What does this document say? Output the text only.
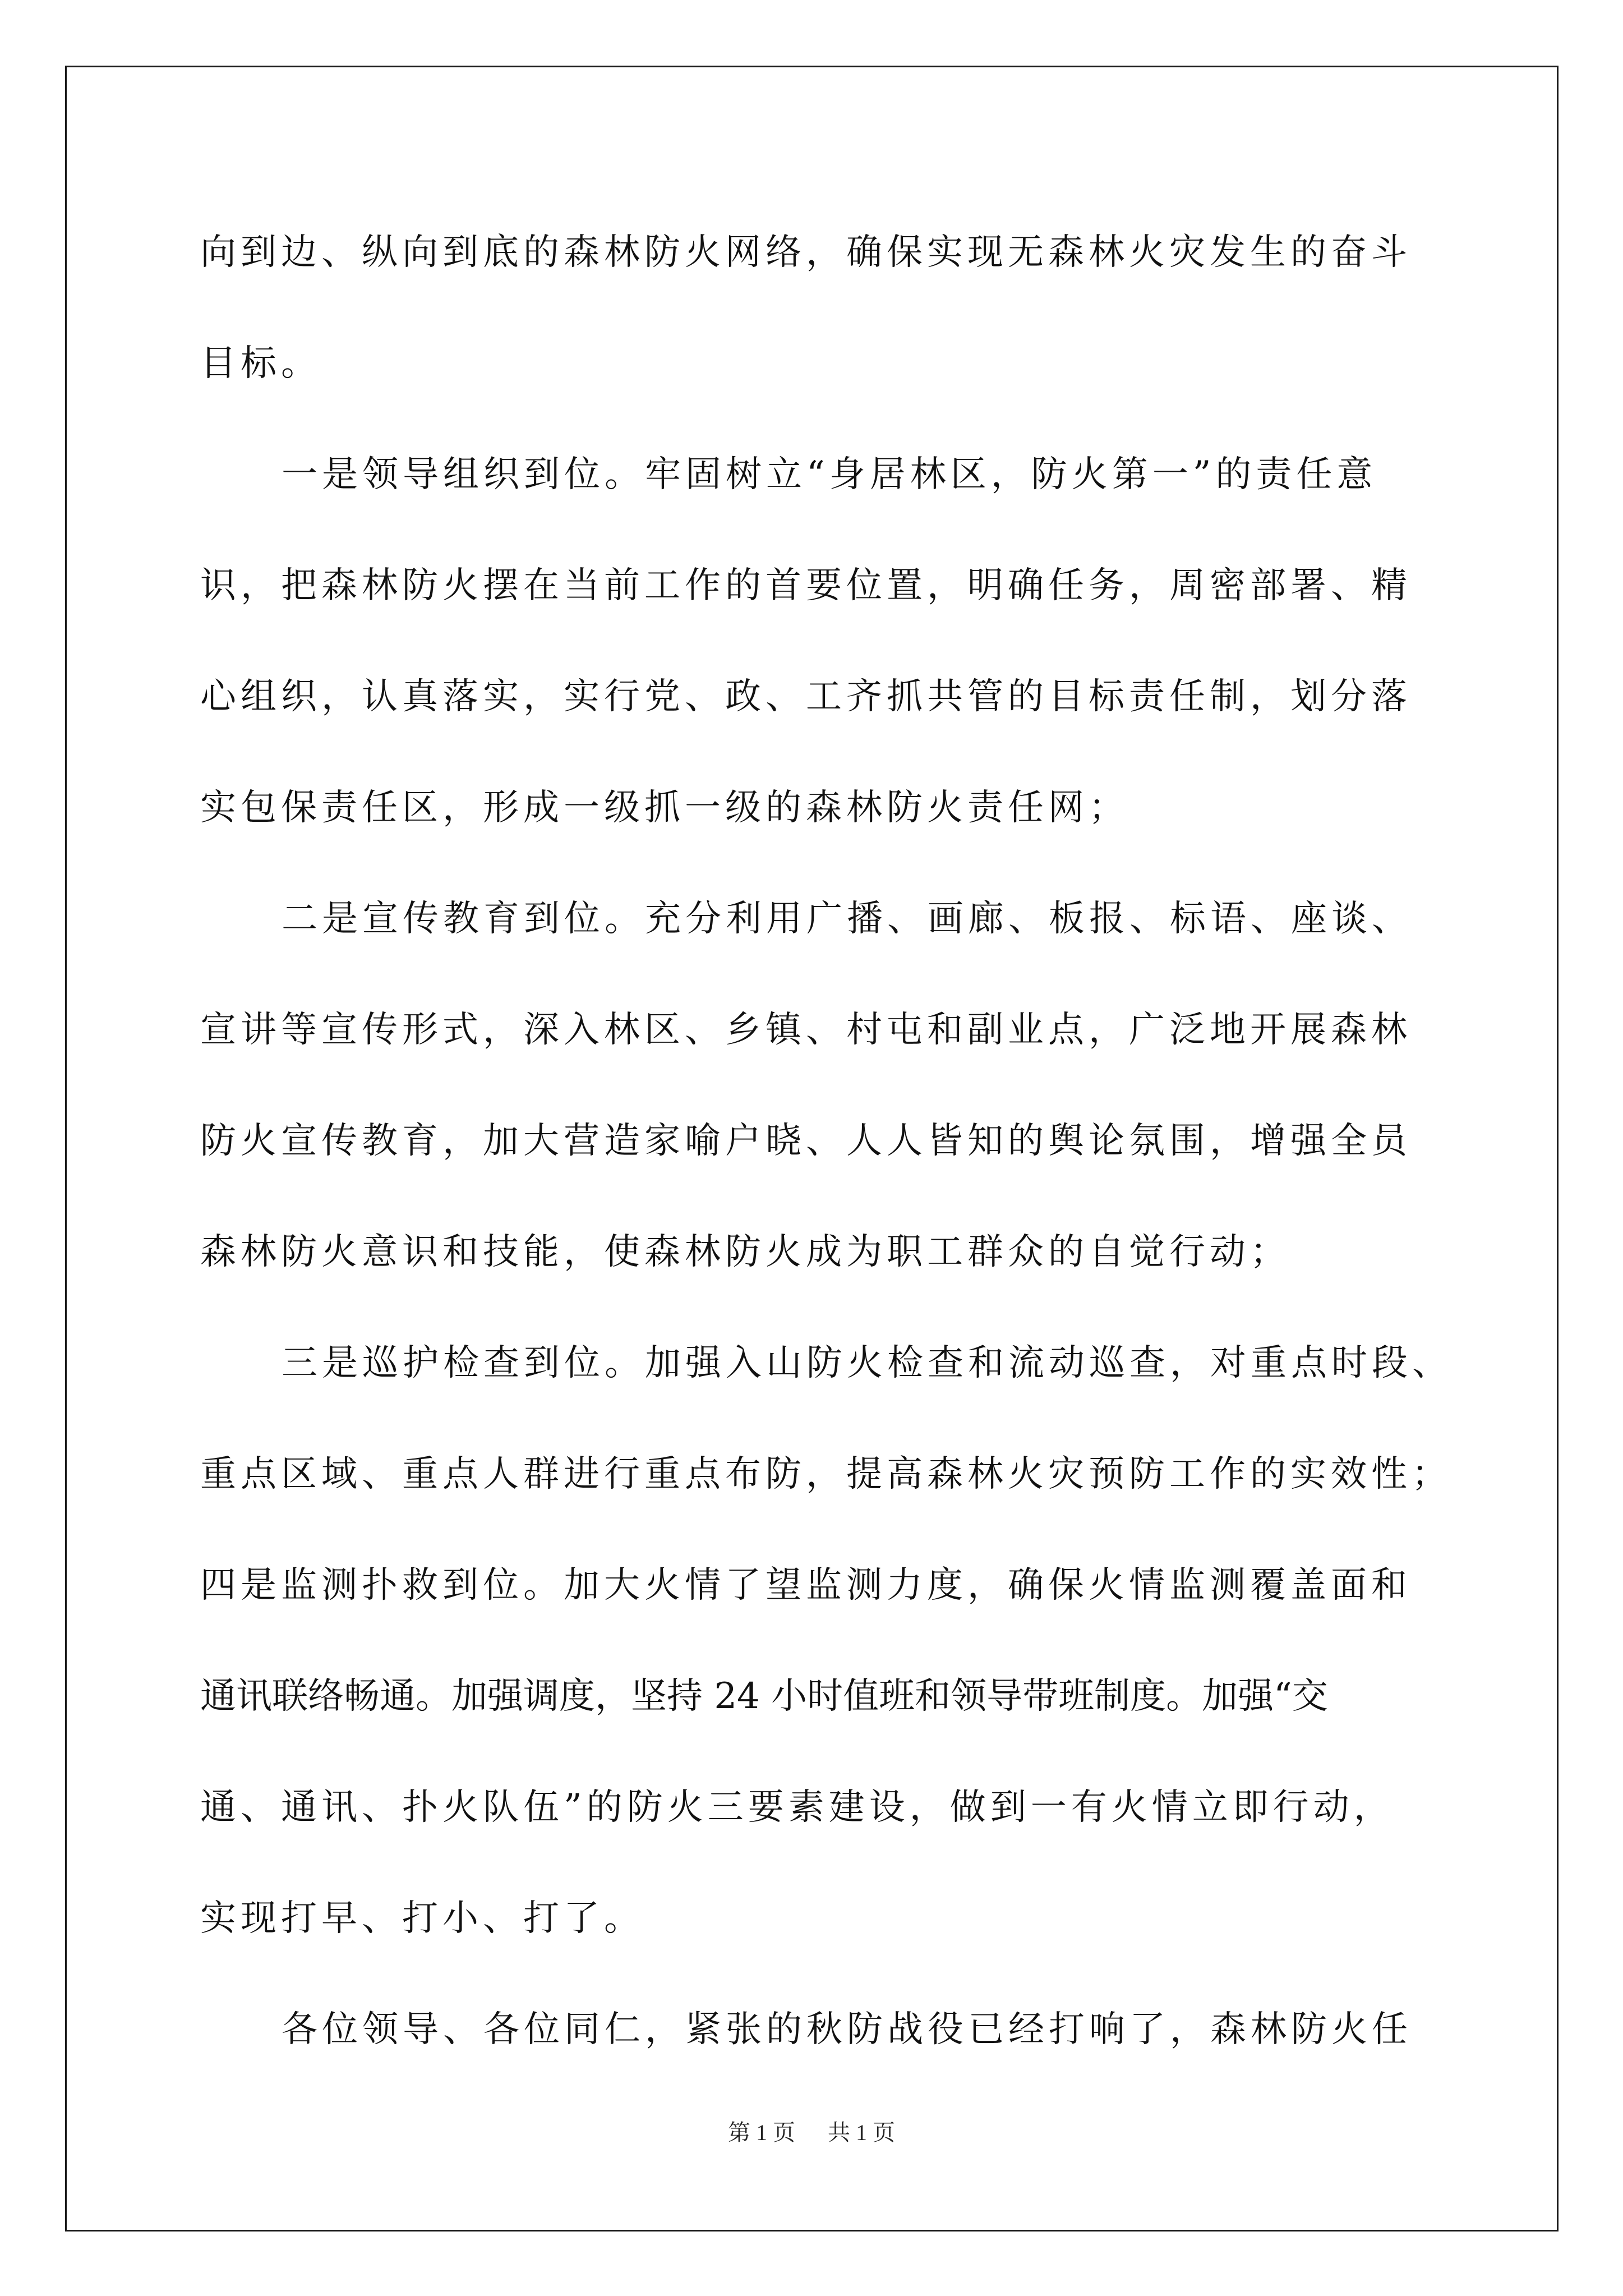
向到边、纵向到底的森林防火网络，确保实现无森林火灾发生的奋斗
目标。
一是领导组织到位。牢固树立“身居林区，防火第一”的责任意
识，把森林防火摆在当前工作的首要位置，明确任务，周密部署、精
心组织，认真落实，实行党、政、工齐抓共管的目标责任制，划分落
实包保责任区，形成一级抓一级的森林防火责任网；
二是宣传教育到位。充分利用广播、画廊、板报、标语、座谈、
宣讲等宣传形式，深入林区、乡镇、村屯和副业点，广泛地开展森林
防火宣传教育，加大营造家喻户晓、人人皆知的舆论氛围，增强全员
森林防火意识和技能，使森林防火成为职工群众的自觉行动；
三是巡护检查到位。加强入山防火检查和流动巡查，对重点时段、
重点区域、重点人群进行重点布防，提高森林火灾预防工作的实效性；
四是监测扑救到位。加大火情了望监测力度，确保火情监测覆盖面和
通讯联络畅通。加强调度，坚持 24 小时值班和领导带班制度。加强“交
通、通讯、扑火队伍”的防火三要素建设，做到一有火情立即行动，
实现打早、打小、打了。
各位领导、各位同仁，紧张的秋防战役已经打响了，森林防火任
第 1 页 共 1 页
